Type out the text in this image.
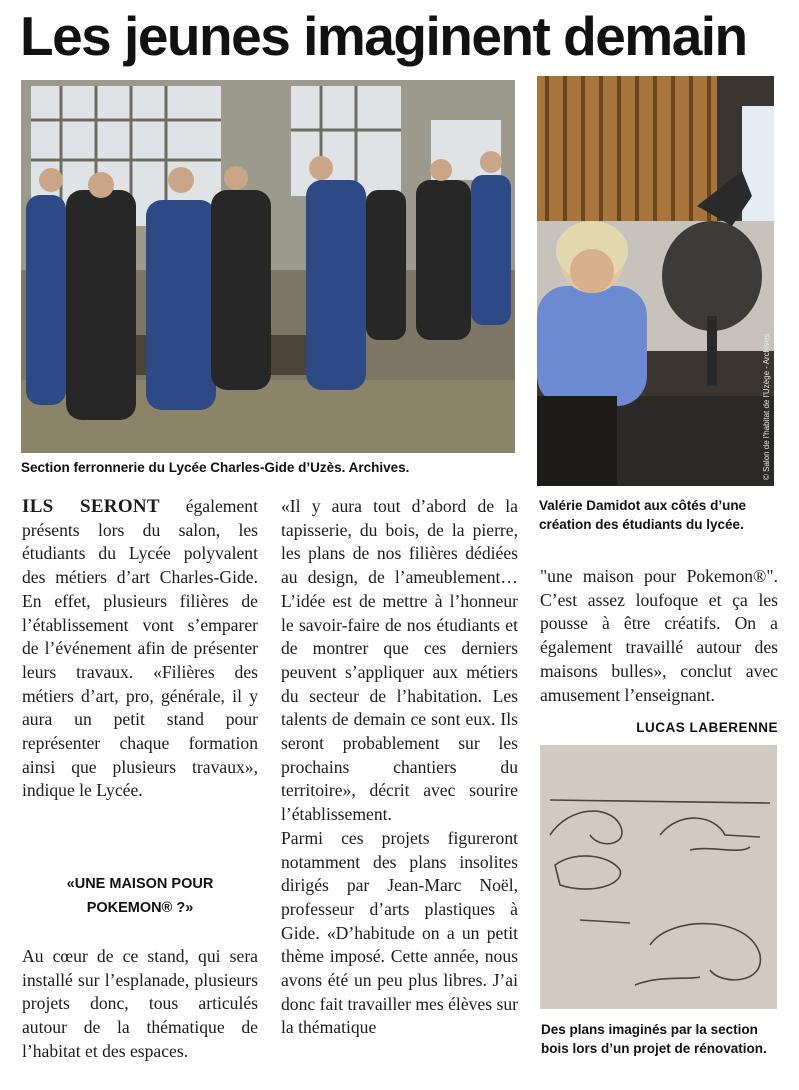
Les jeunes imaginent demain
Section ferronnerie du Lycée Charles-Gide d’Uzès. Archives.	© Salon de l'habitat de l'Uzège - Archives
Valérie Damidot aux côtés d’une création des étudiants du lycée.

ILS SERONT également présents lors du salon, les étudiants du Lycée polyvalent des métiers d’art Charles-Gide. En effet, plusieurs filières de l’établissement vont s’emparer de l’événement afin de présenter leurs travaux. «Filières des métiers d’art, pro, générale, il y aura un petit stand pour représenter chaque formation ainsi que plusieurs travaux», indique le Lycée.

«UNE MAISON POUR
POKEMON® ?»

Au cœur de ce stand, qui sera installé sur l’esplanade, plusieurs projets donc, tous articulés autour de la thématique de l’habitat et des espaces.

«Il y aura tout d’abord de la tapisserie, du bois, de la pierre, les plans de nos filières dédiées au design, de l’ameublement… L’idée est de mettre à l’honneur le savoir-faire de nos étudiants et de montrer que ces derniers peuvent s’appliquer aux métiers du secteur de l’habitation. Les talents de demain ce sont eux. Ils seront probablement sur les prochains chantiers du territoire», décrit avec sourire l’établissement.

Parmi ces projets figureront notamment des plans insolites dirigés par Jean-Marc Noël, professeur d’arts plastiques à Gide. «D’habitude on a un petit thème imposé. Cette année, nous avons été un peu plus libres. J’ai donc fait travailler mes élèves sur la thématique

"une maison pour Pokemon®". C’est assez loufoque et ça les pousse à être créatifs. On a également travaillé autour des maisons bulles», conclut avec amusement l’enseignant.

LUCAS LABERENNE
Des plans imaginés par la section bois lors d’un projet de rénovation.
